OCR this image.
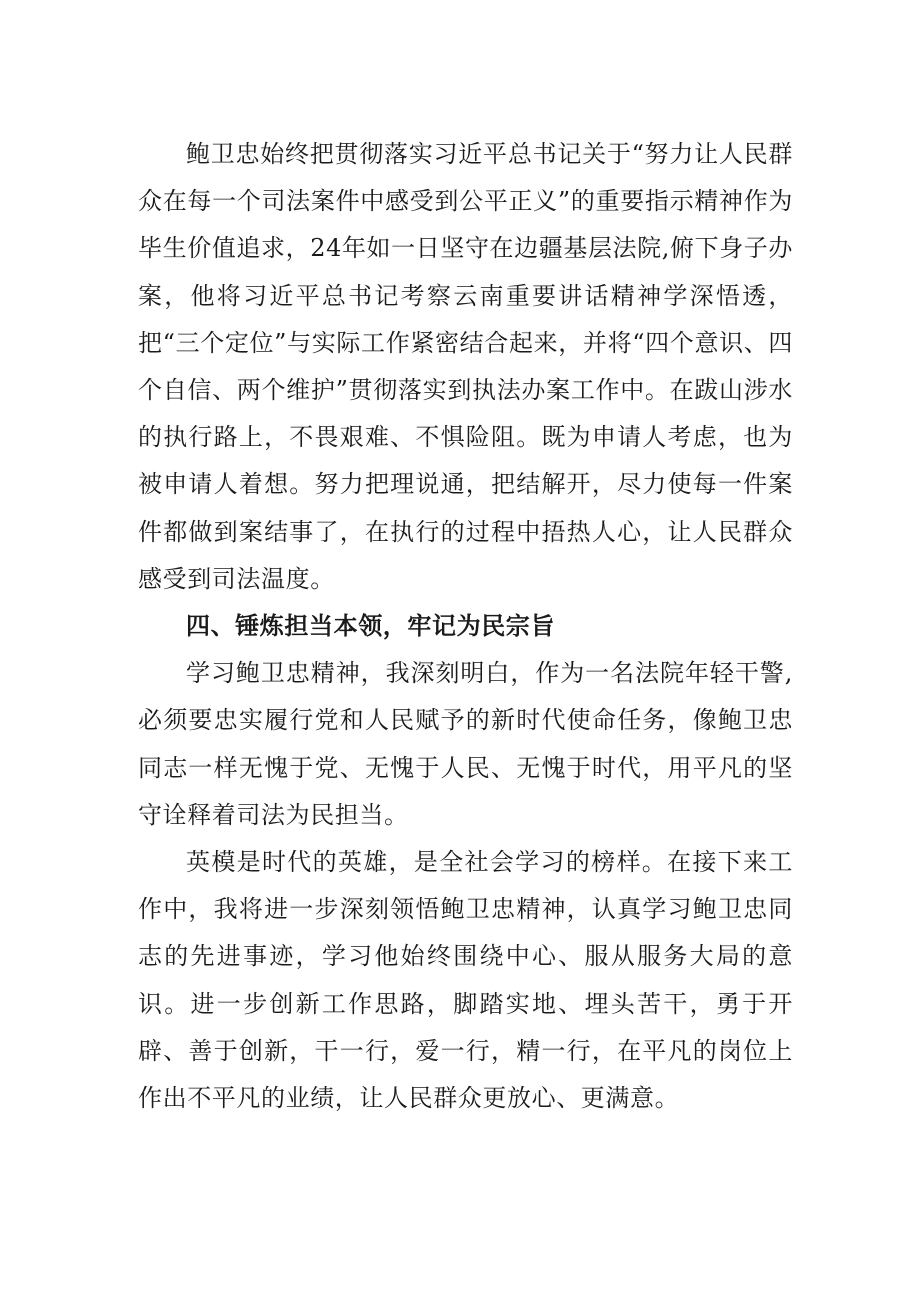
鲍卫忠始终把贯彻落实习近平总书记关于“努力让人民群众在每一个司法案件中感受到公平正义”的重要指示精神作为毕生价值追求，24年如一日坚守在边疆基层法院,俯下身子办案，他将习近平总书记考察云南重要讲话精神学深悟透，把“三个定位”与实际工作紧密结合起来，并将“四个意识、四个自信、两个维护”贯彻落实到执法办案工作中。在跋山涉水的执行路上，不畏艰难、不惧险阻。既为申请人考虑，也为被申请人着想。努力把理说通，把结解开，尽力使每一件案件都做到案结事了，在执行的过程中捂热人心，让人民群众感受到司法温度。

四、锤炼担当本领，牢记为民宗旨

学习鲍卫忠精神，我深刻明白，作为一名法院年轻干警,必须要忠实履行党和人民赋予的新时代使命任务，像鲍卫忠同志一样无愧于党、无愧于人民、无愧于时代，用平凡的坚守诠释着司法为民担当。

英模是时代的英雄，是全社会学习的榜样。在接下来工作中，我将进一步深刻领悟鲍卫忠精神，认真学习鲍卫忠同志的先进事迹，学习他始终围绕中心、服从服务大局的意识。进一步创新工作思路，脚踏实地、埋头苦干，勇于开辟、善于创新，干一行，爱一行，精一行，在平凡的岗位上作出不平凡的业绩，让人民群众更放心、更满意。
